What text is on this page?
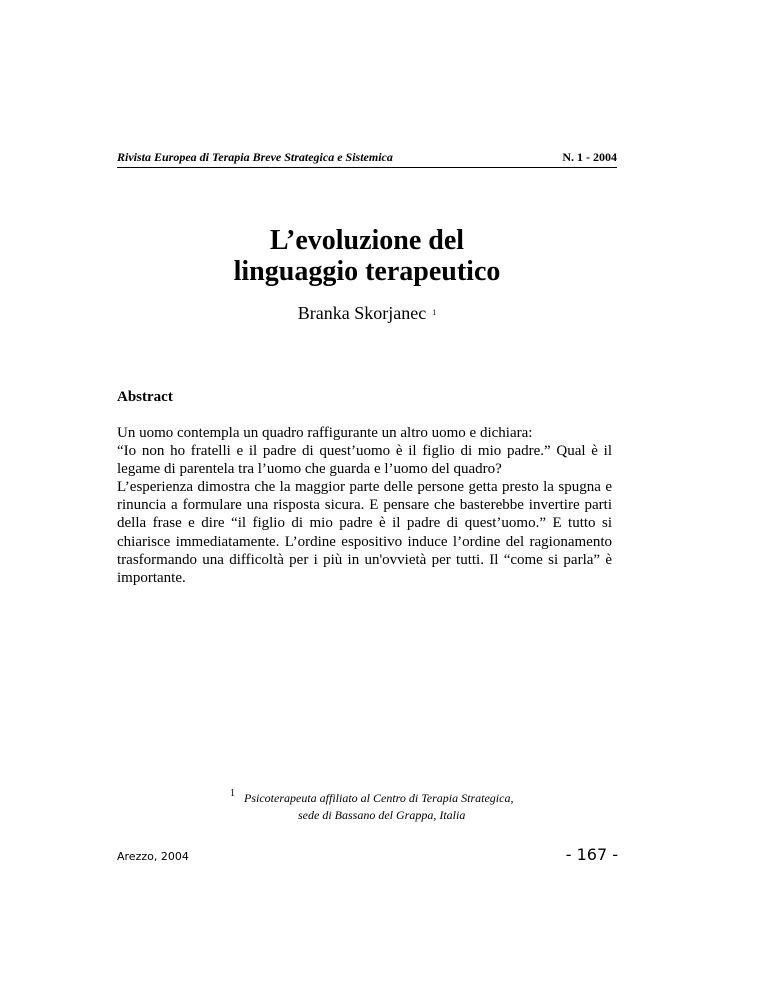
Rivista Europea di Terapia Breve Strategica e Sistemica	N. 1 - 2004
L’evoluzione del
linguaggio terapeutico
Branka Skorjanec $^1$
Abstract

Un uomo contempla un quadro raffigurante un altro uomo e dichiara:

“Io non ho fratelli e il padre di quest’uomo è il figlio di mio padre.” Qual è il legame di parentela tra l’uomo che guarda e l’uomo del quadro?

L’esperienza dimostra che la maggior parte delle persone getta presto la spugna e rinuncia a formulare una risposta sicura. E pensare che basterebbe invertire parti della frase e dire “il figlio di mio padre è il padre di quest’uomo.” E tutto si chiarisce immediatamente. L’ordine espositivo induce l’ordine del ragionamento trasformando una difficoltà per i più in un'ovvietà per tutti. Il “come si parla” è importante.

1 Psicoterapeuta affiliato al Centro di Terapia Strategica,
sede di Bassano del Grappa, Italia
Arezzo, 2004	- 167 -
